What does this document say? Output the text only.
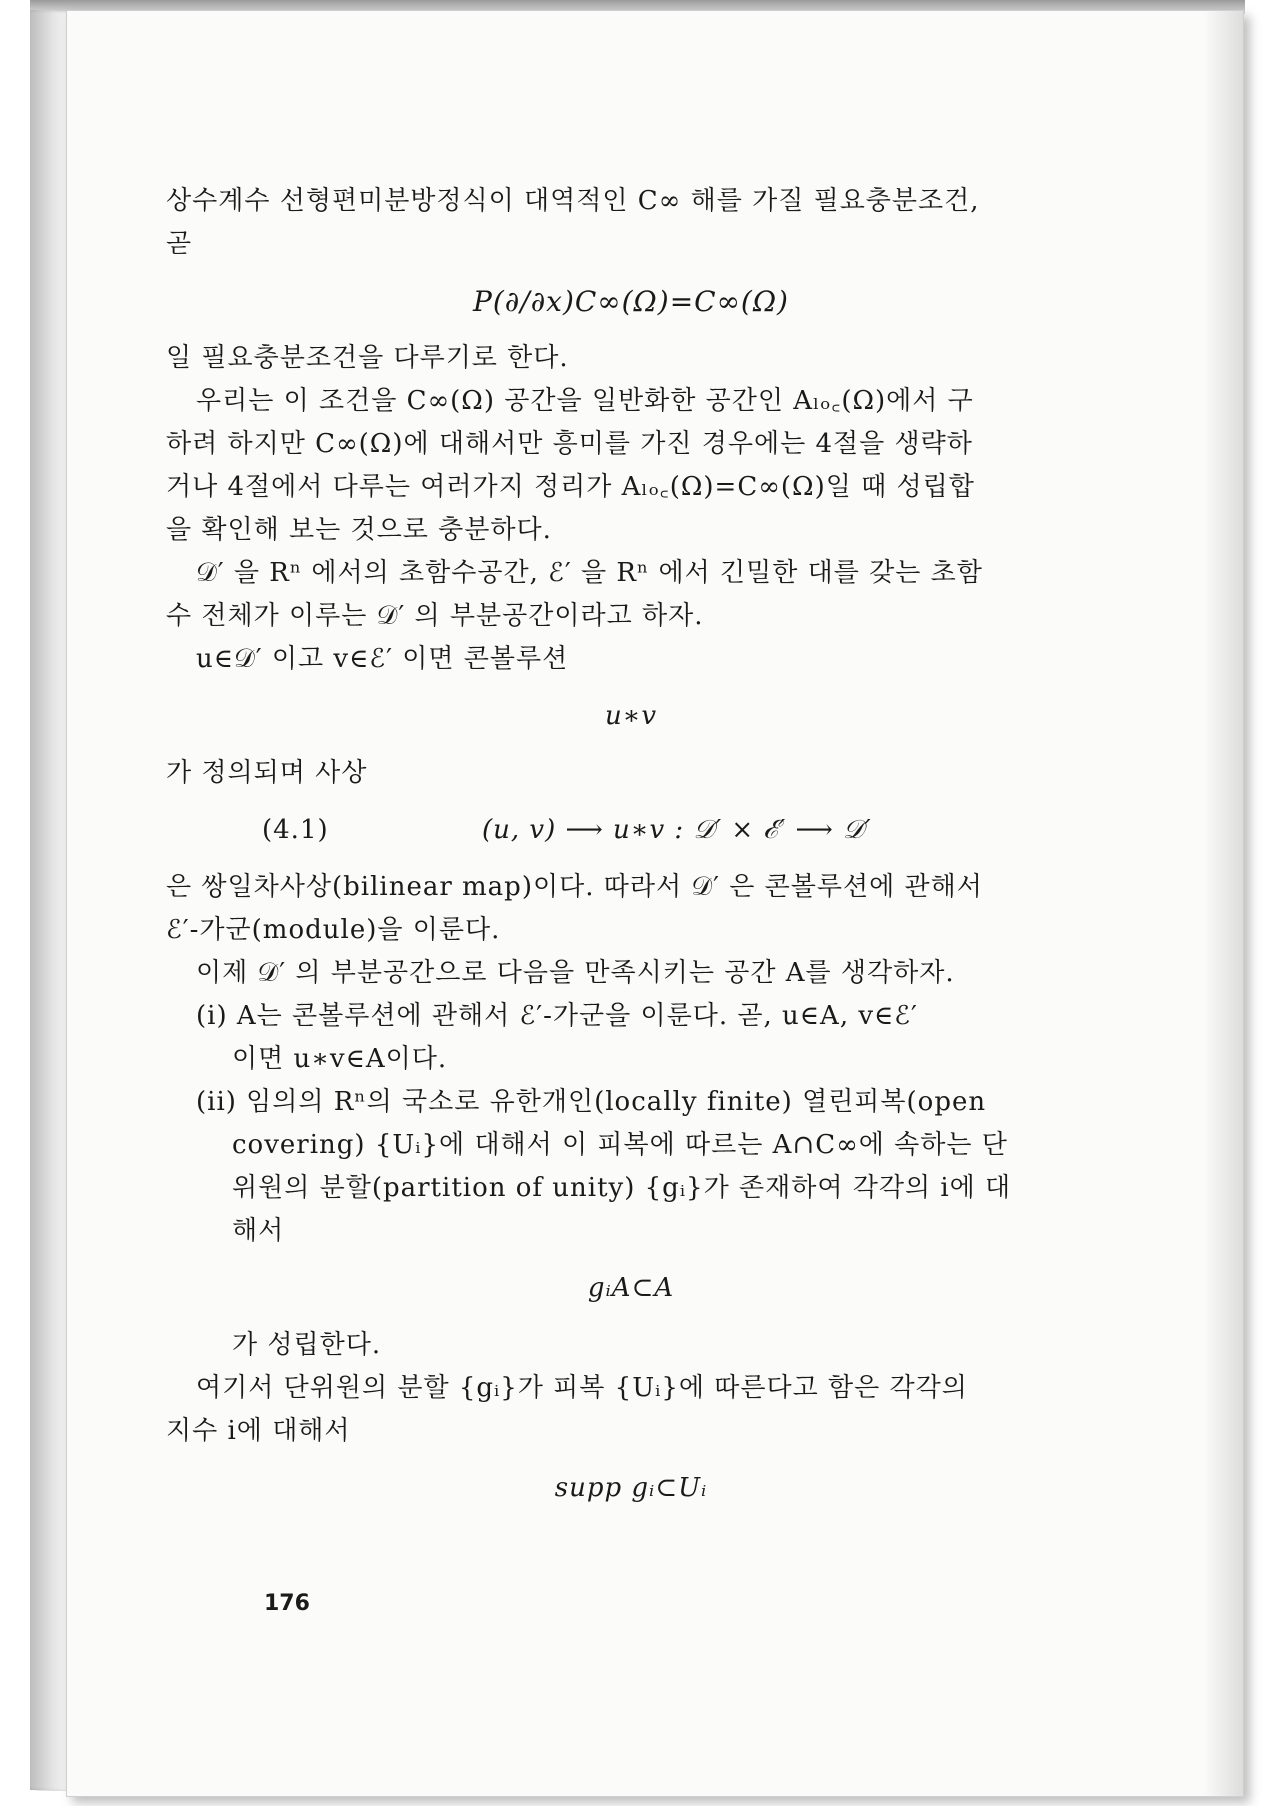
상수계수 선형편미분방정식이 대역적인 C∞ 해를 가질 필요충분조건,
곧
P(∂/∂x)C∞(Ω)=C∞(Ω)
일 필요충분조건을 다루기로 한다.
우리는 이 조건을 C∞(Ω) 공간을 일반화한 공간인 Aₗₒ꜀(Ω)에서 구
하려 하지만 C∞(Ω)에 대해서만 흥미를 가진 경우에는 4절을 생략하
거나 4절에서 다루는 여러가지 정리가 Aₗₒ꜀(Ω)=C∞(Ω)일 때 성립합
을 확인해 보는 것으로 충분하다.
𝒟′ 을 Rⁿ 에서의 초함수공간, ℰ′ 을 Rⁿ 에서 긴밀한 대를 갖는 초함
수 전체가 이루는 𝒟′ 의 부분공간이라고 하자.
u∈𝒟′ 이고 v∈ℰ′ 이면 콘볼루션
u∗v
가 정의되며 사상
(4.1)	(u, v) ⟶ u∗v : 𝒟′ × ℰ′ ⟶ 𝒟′
은 쌍일차사상(bilinear map)이다. 따라서 𝒟′ 은 콘볼루션에 관해서
ℰ′-가군(module)을 이룬다.
이제 𝒟′ 의 부분공간으로 다음을 만족시키는 공간 A를 생각하자.
(i) A는 콘볼루션에 관해서 ℰ′-가군을 이룬다. 곧, u∈A, v∈ℰ′
이면 u∗v∈A이다.
(ii) 임의의 Rⁿ의 국소로 유한개인(locally finite) 열린피복(open
covering) {Uᵢ}에 대해서 이 피복에 따르는 A∩C∞에 속하는 단
위원의 분할(partition of unity) {gᵢ}가 존재하여 각각의 i에 대
해서
gᵢA⊂A
가 성립한다.
여기서 단위원의 분할 {gᵢ}가 피복 {Uᵢ}에 따른다고 함은 각각의
지수 i에 대해서
supp gᵢ⊂Uᵢ
176
